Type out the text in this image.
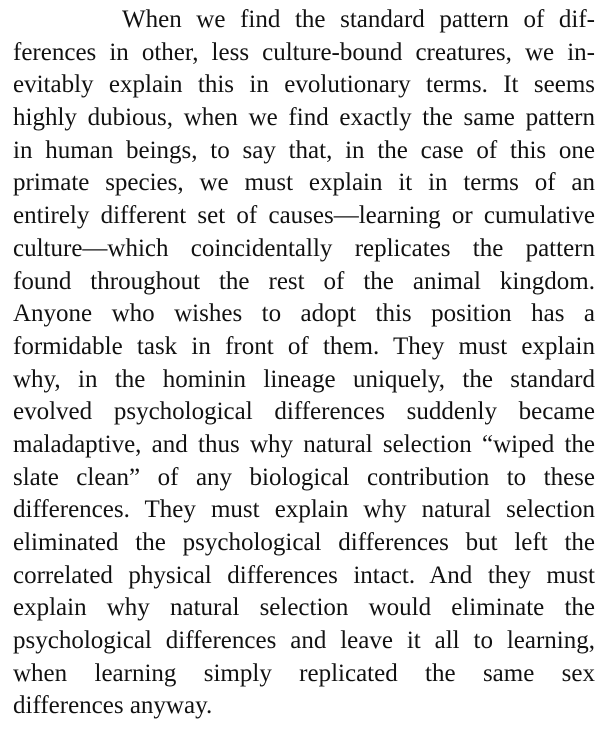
When we find the standard pattern of dif-
ferences in other, less culture-bound creatures, we in-
evitably explain this in evolutionary terms. It seems
highly dubious, when we find exactly the same pattern
in human beings, to say that, in the case of this one
primate species, we must explain it in terms of an
entirely different set of causes—learning or cumulative
culture—which coincidentally replicates the pattern
found throughout the rest of the animal kingdom.
Anyone who wishes to adopt this position has a
formidable task in front of them. They must explain
why, in the hominin lineage uniquely, the standard
evolved psychological differences suddenly became
maladaptive, and thus why natural selection “wiped the
slate clean” of any biological contribution to these
differences. They must explain why natural selection
eliminated the psychological differences but left the
correlated physical differences intact. And they must
explain why natural selection would eliminate the
psychological differences and leave it all to learning,
when learning simply replicated the same sex
differences anyway.
